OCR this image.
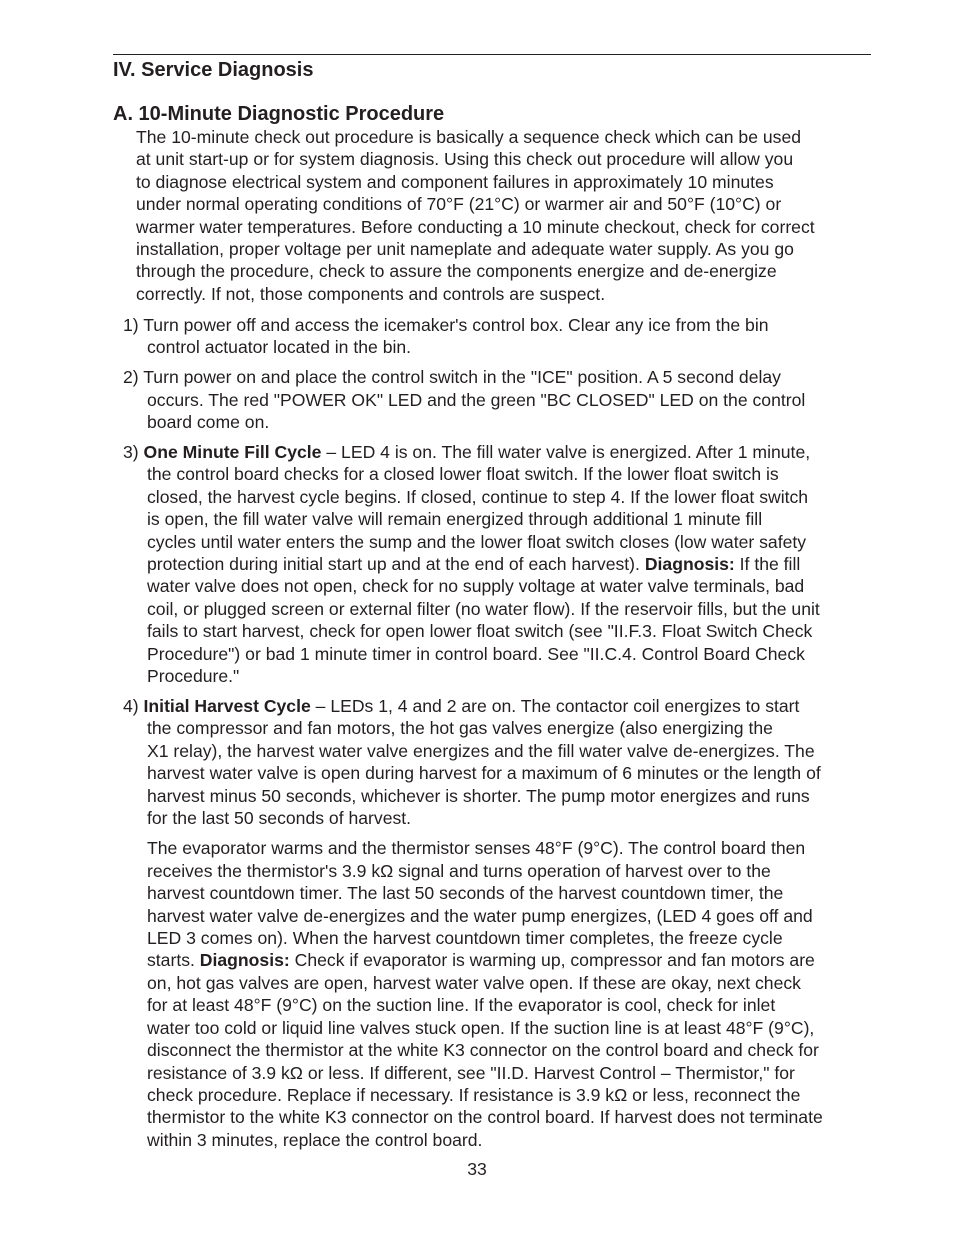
IV. Service Diagnosis
A. 10-Minute Diagnostic Procedure
The 10-minute check out procedure is basically a sequence check which can be used
at unit start-up or for system diagnosis. Using this check out procedure will allow you
to diagnose electrical system and component failures in approximately 10 minutes
under normal operating conditions of 70°F (21°C) or warmer air and 50°F (10°C) or
warmer water temperatures. Before conducting a 10 minute checkout, check for correct
installation, proper voltage per unit nameplate and adequate water supply. As you go
through the procedure, check to assure the components energize and de-energize
correctly. If not, those components and controls are suspect.
1) Turn power off and access the icemaker's control box. Clear any ice from the bin
control actuator located in the bin.
2) Turn power on and place the control switch in the "ICE" position. A 5 second delay
occurs. The red "POWER OK" LED and the green "BC CLOSED" LED on the control
board come on.
3) One Minute Fill Cycle – LED 4 is on. The fill water valve is energized. After 1 minute,
the control board checks for a closed lower float switch. If the lower float switch is
closed, the harvest cycle begins. If closed, continue to step 4. If the lower float switch
is open, the fill water valve will remain energized through additional 1 minute fill
cycles until water enters the sump and the lower float switch closes (low water safety
protection during initial start up and at the end of each harvest). Diagnosis: If the fill
water valve does not open, check for no supply voltage at water valve terminals, bad
coil, or plugged screen or external filter (no water flow). If the reservoir fills, but the unit
fails to start harvest, check for open lower float switch (see "II.F.3. Float Switch Check
Procedure") or bad 1 minute timer in control board. See "II.C.4. Control Board Check
Procedure."
4) Initial Harvest Cycle – LEDs 1, 4 and 2 are on. The contactor coil energizes to start
the compressor and fan motors, the hot gas valves energize (also energizing the
X1 relay), the harvest water valve energizes and the fill water valve de-energizes. The
harvest water valve is open during harvest for a maximum of 6 minutes or the length of
harvest minus 50 seconds, whichever is shorter. The pump motor energizes and runs
for the last 50 seconds of harvest.
The evaporator warms and the thermistor senses 48°F (9°C). The control board then
receives the thermistor's 3.9 kΩ signal and turns operation of harvest over to the
harvest countdown timer. The last 50 seconds of the harvest countdown timer, the
harvest water valve de-energizes and the water pump energizes, (LED 4 goes off and
LED 3 comes on). When the harvest countdown timer completes, the freeze cycle
starts. Diagnosis: Check if evaporator is warming up, compressor and fan motors are
on, hot gas valves are open, harvest water valve open. If these are okay, next check
for at least 48°F (9°C) on the suction line. If the evaporator is cool, check for inlet
water too cold or liquid line valves stuck open. If the suction line is at least 48°F (9°C),
disconnect the thermistor at the white K3 connector on the control board and check for
resistance of 3.9 kΩ or less. If different, see "II.D. Harvest Control – Thermistor," for
check procedure. Replace if necessary. If resistance is 3.9 kΩ or less, reconnect the
thermistor to the white K3 connector on the control board. If harvest does not terminate
within 3 minutes, replace the control board.
33
